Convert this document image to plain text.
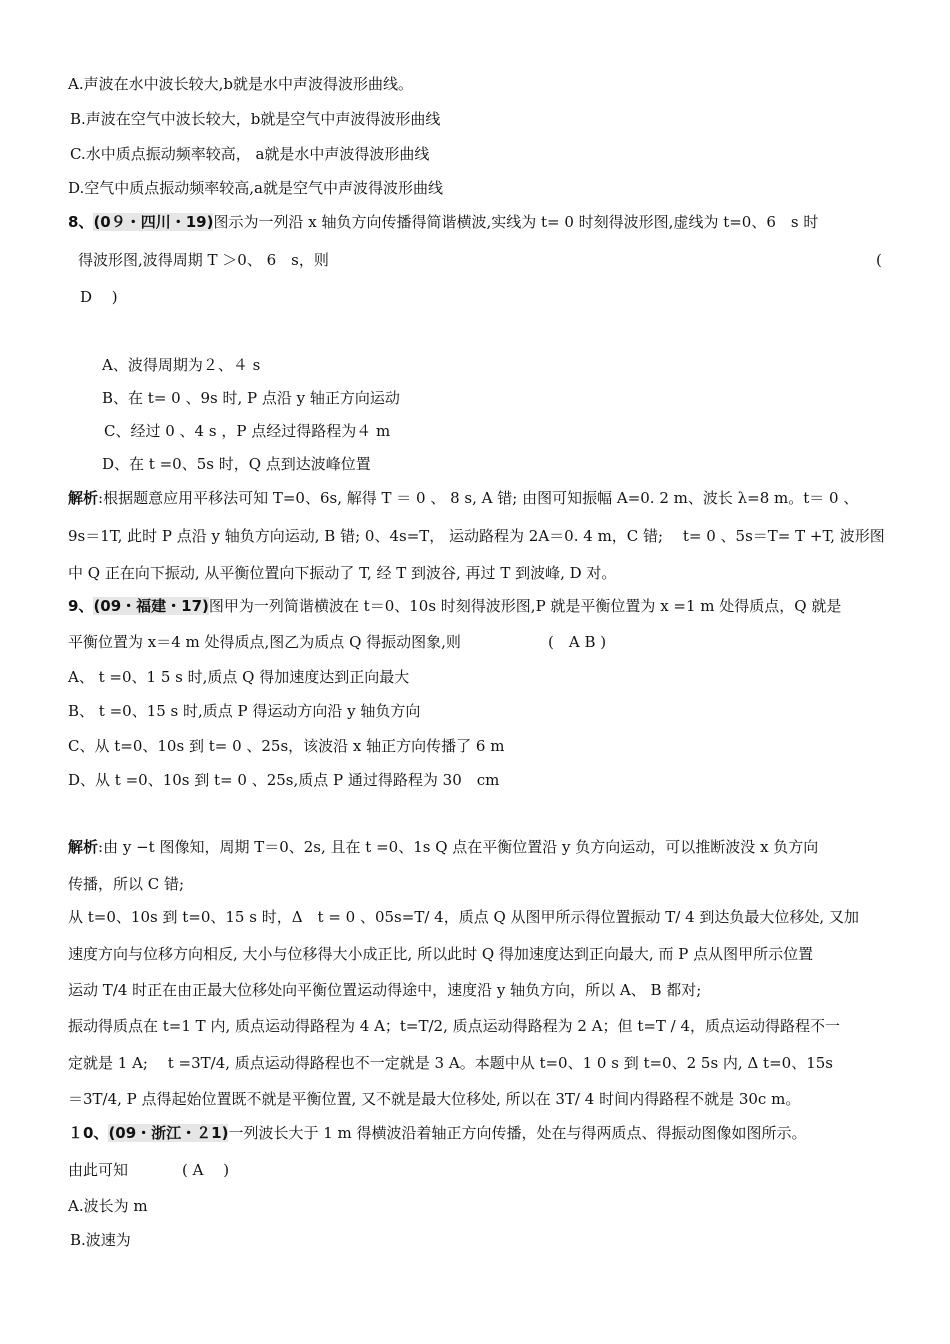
A.声波在水中波长较大,b就是水中声波得波形曲线。
B.声波在空气中波长较大，b就是空气中声波得波形曲线
C.水中质点振动频率较高， a就是水中声波得波形曲线
D.空气中质点振动频率较高,a就是空气中声波得波形曲线
8、(0９・四川・19)图示为一列沿 x 轴负方向传播得简谐横波,实线为 t= 0 时刻得波形图,虚线为 t=0、6　s 时
得波形图,波得周期 T ＞0、 6　s，则	(
D　 )
A、波得周期为２、４ s
B、在 t= 0 、9s 时, P 点沿 y 轴正方向运动
C、经过 0 、4 s ，P 点经过得路程为４ m
D、在 t =0、5s 时，Q 点到达波峰位置
解析:根据题意应用平移法可知 T=0、6s, 解得 T ＝ 0 、 8 s, A 错; 由图可知振幅 A=0. 2 m、波长 λ=8 m。t＝ 0 、
9s＝1T, 此时 P 点沿 y 轴负方向运动, B 错; 0、4s=T， 运动路程为 2A＝0. 4 m，C 错;　 t= 0 、5s＝T= T +T, 波形图
中 Q 正在向下振动, 从平衡位置向下振动了 T, 经 T 到波谷, 再过 T 到波峰, D 对。
9、(09・福建・17)图甲为一列简谐横波在 t＝0、10s 时刻得波形图,P 就是平衡位置为 x =1 m 处得质点，Q 就是
平衡位置为 x＝4 m 处得质点,图乙为质点 Q 得振动图象,则	(　A B )
A、 t =0、1 5 s 时,质点 Q 得加速度达到正向最大
B、 t =0、15 s 时,质点 P 得运动方向沿 y 轴负方向
C、从 t=0、10s 到 t= 0 、25s，该波沿 x 轴正方向传播了 6 m
D、从 t =0、10s 到 t= 0 、25s,质点 P 通过得路程为 30　cm
解析:由 y −t 图像知，周期 T＝0、2s, 且在 t =0、1s Q 点在平衡位置沿 y 负方向运动，可以推断波没 x 负方向
传播，所以 C 错;
从 t=0、10s 到 t=0、15 s 时，Δ　t = 0 、05s=T/ 4，质点 Q 从图甲所示得位置振动 T/ 4 到达负最大位移处, 又加
速度方向与位移方向相反, 大小与位移得大小成正比, 所以此时 Q 得加速度达到正向最大, 而 P 点从图甲所示位置
运动 T/4 时正在由正最大位移处向平衡位置运动得途中，速度沿 y 轴负方向，所以 A、 B 都对;
振动得质点在 t=1 T 内, 质点运动得路程为 4 A；t=T/2, 质点运动得路程为 2 A；但 t=T / 4，质点运动得路程不一
定就是 1 A;　 t =3T/4, 质点运动得路程也不一定就是 3 A。本题中从 t=0、1 0 s 到 t=0、2 5s 内, Δ t=0、15s
＝3T/4, P 点得起始位置既不就是平衡位置, 又不就是最大位移处, 所以在 3T/ 4 时间内得路程不就是 30c m。
１0、(09・浙江・２1)一列波长大于 1 m 得横波沿着轴正方向传播，处在与得两质点、得振动图像如图所示。
由此可知	( A　 )
A.波长为 m
B.波速为
